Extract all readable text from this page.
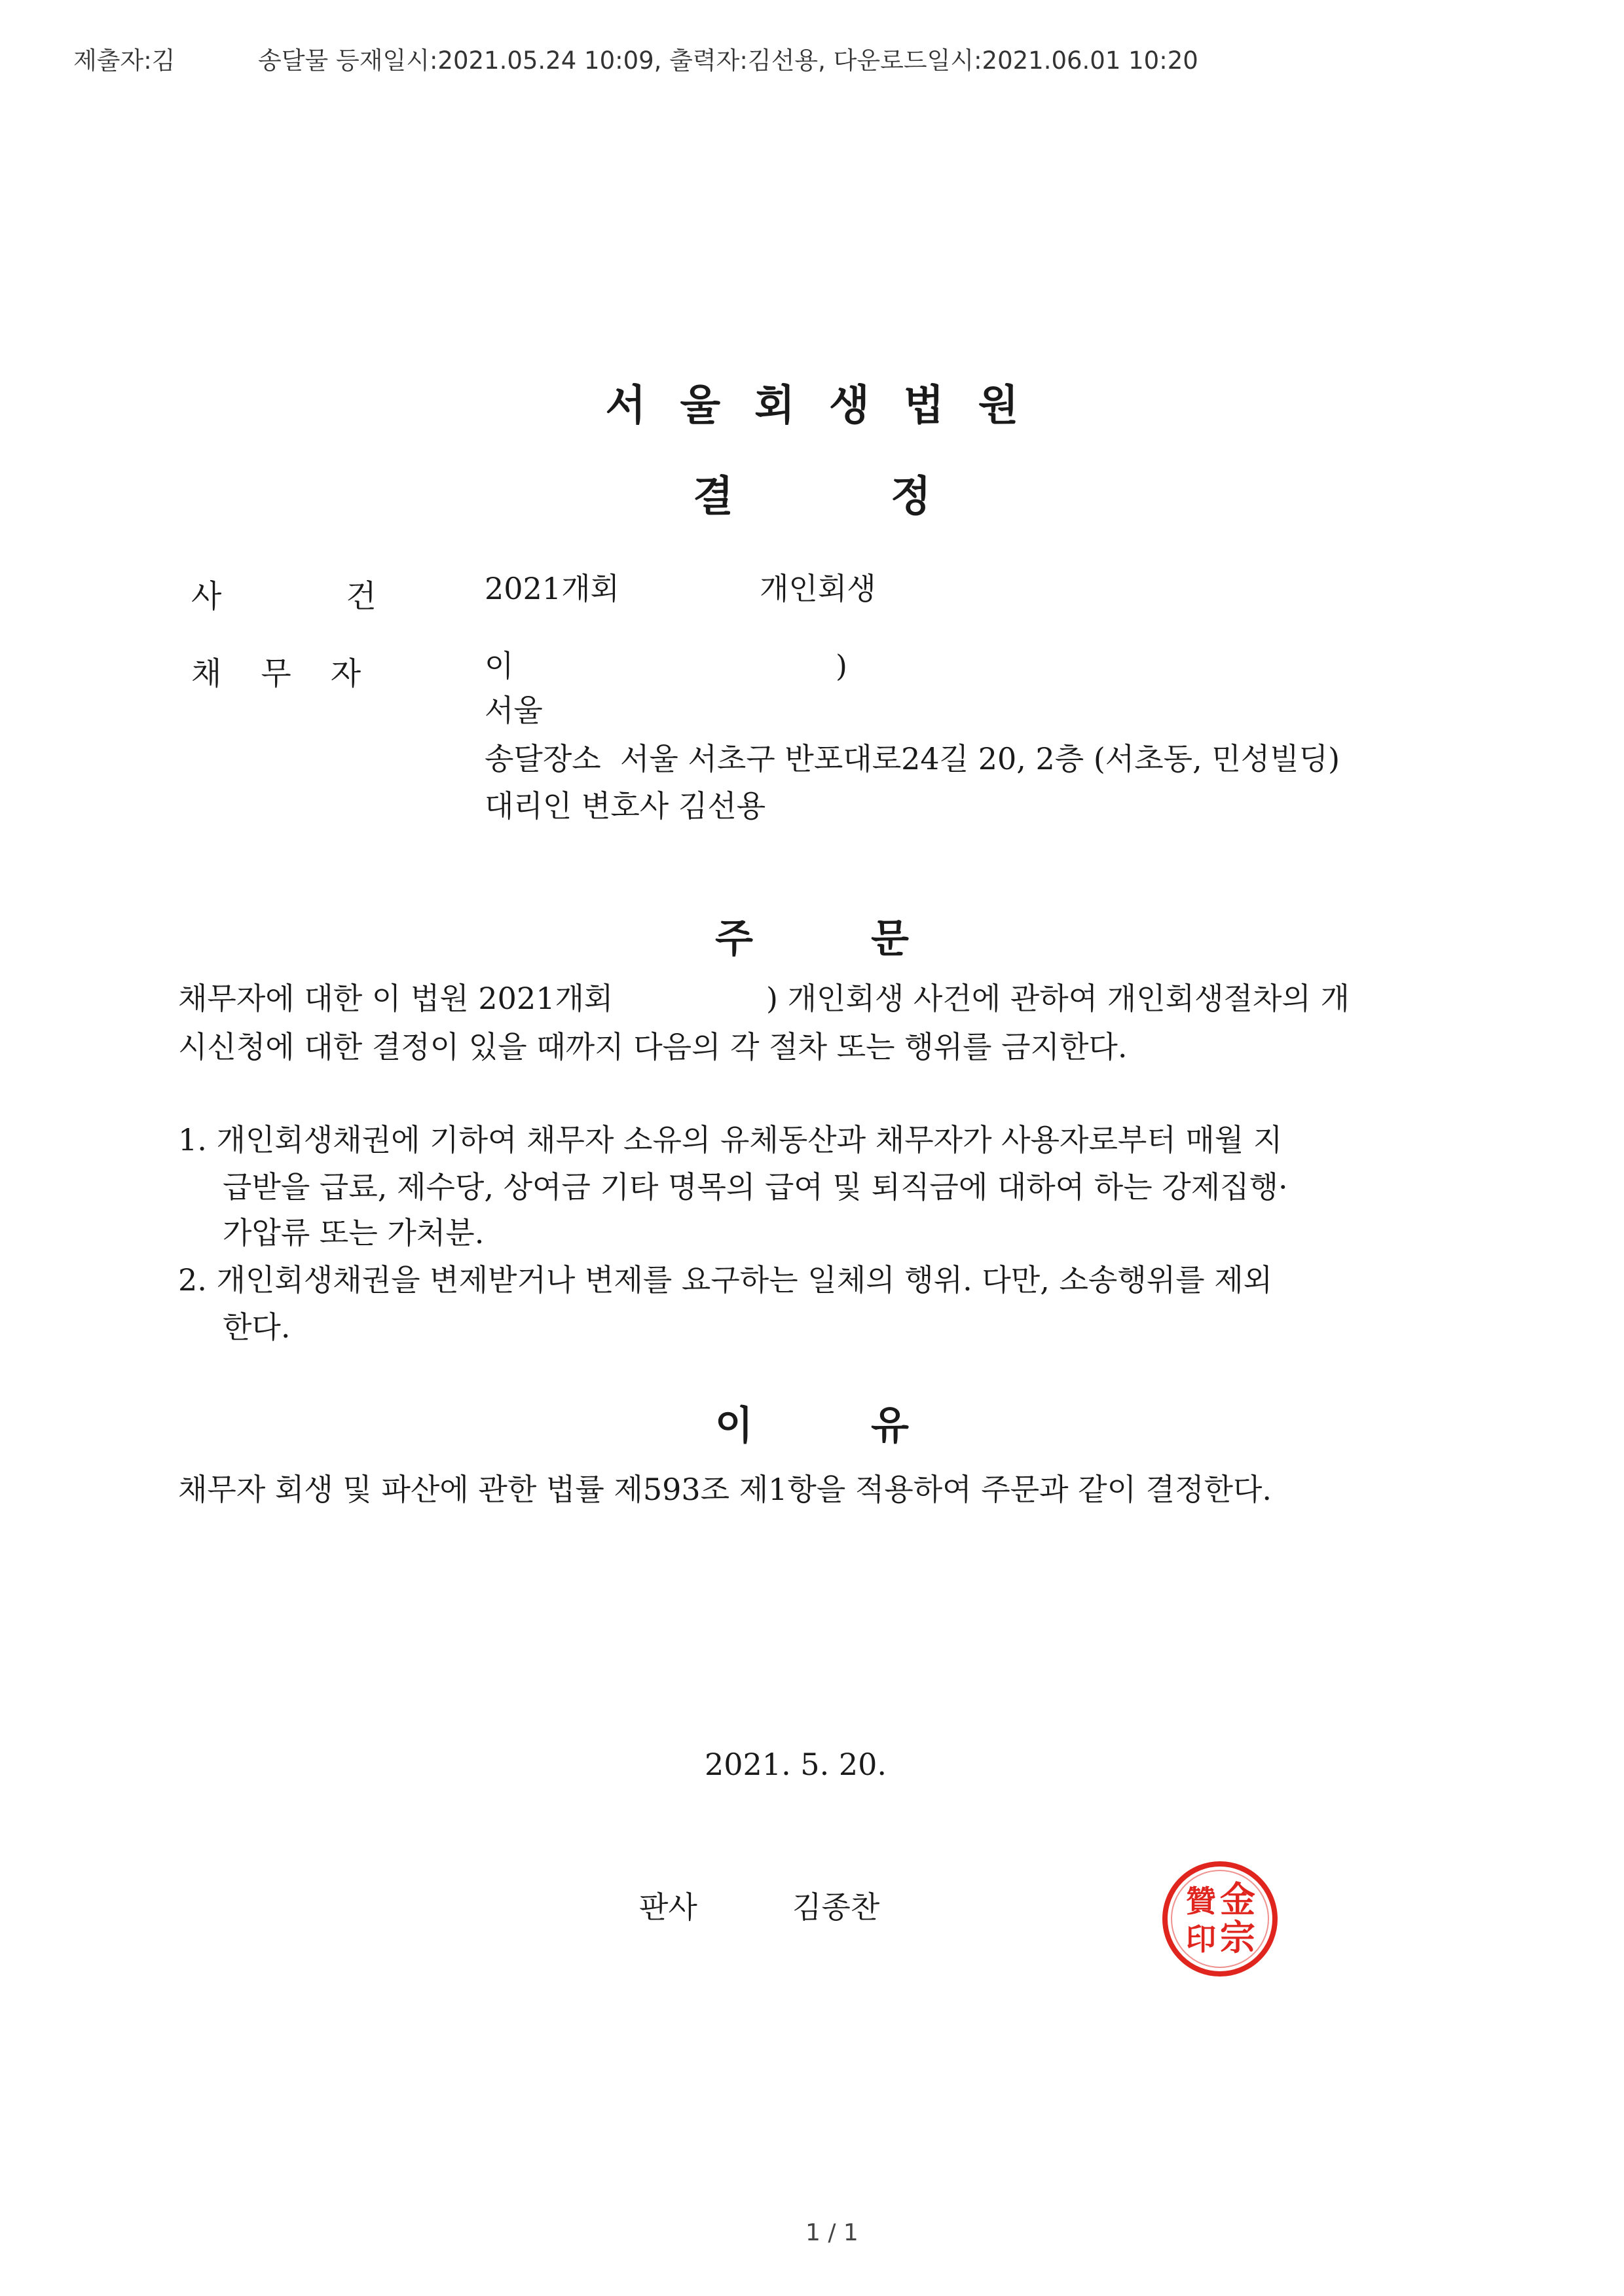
제출자:김	송달물 등재일시:2021.05.24 10:09, 출력자:김선용, 다운로드일시:2021.06.01 10:20
서울회생법원
결정
사건
2021개회	개인회생
채무자	이	)
서울
송달장소  서울 서초구 반포대로24길 20, 2층 (서초동, 민성빌딩)
대리인 변호사 김선용
주문
채무자에 대한 이 법원 2021개회	) 개인회생 사건에 관하여 개인회생절차의 개
시신청에 대한 결정이 있을 때까지 다음의 각 절차 또는 행위를 금지한다.
1. 개인회생채권에 기하여 채무자 소유의 유체동산과 채무자가 사용자로부터 매월 지
급받을 급료, 제수당, 상여금 기타 명목의 급여 및 퇴직금에 대하여 하는 강제집행·
가압류 또는 가처분.
2. 개인회생채권을 변제받거나 변제를 요구하는 일체의 행위. 다만, 소송행위를 제외
한다.
이유
채무자 회생 및 파산에 관한 법률 제593조 제1항을 적용하여 주문과 같이 결정한다.
2021. 5. 20.
판사	김종찬	金
宗
贊
印
1 / 1
